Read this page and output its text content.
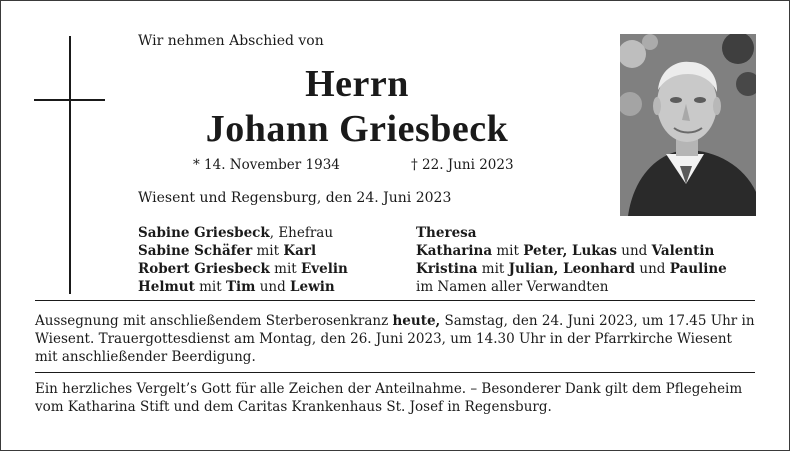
Wir nehmen Abschied von
Herrn
Johann Griesbeck
* 14. November 1934	† 22. Juni 2023
Wiesent und Regensburg, den 24. Juni 2023
Sabine Griesbeck, Ehefrau
Sabine Schäfer mit Karl
Robert Griesbeck mit Evelin
Helmut mit Tim und Lewin
Theresa
Katharina mit Peter, Lukas und Valentin
Kristina mit Julian, Leonhard und Pauline
im Namen aller Verwandten
Aussegnung mit anschließendem Sterberosenkranz heute, Samstag, den 24. Juni 2023, um 17.45 Uhr in Wiesent. Trauergottesdienst am Montag, den 26. Juni 2023, um 14.30 Uhr in der Pfarrkirche Wiesent mit anschließender Beerdigung.
Ein herzliches Vergelt’s Gott für alle Zeichen der Anteilnahme. – Besonderer Dank gilt dem Pflegeheim vom Katharina Stift und dem Caritas Krankenhaus St. Josef in Regensburg.
